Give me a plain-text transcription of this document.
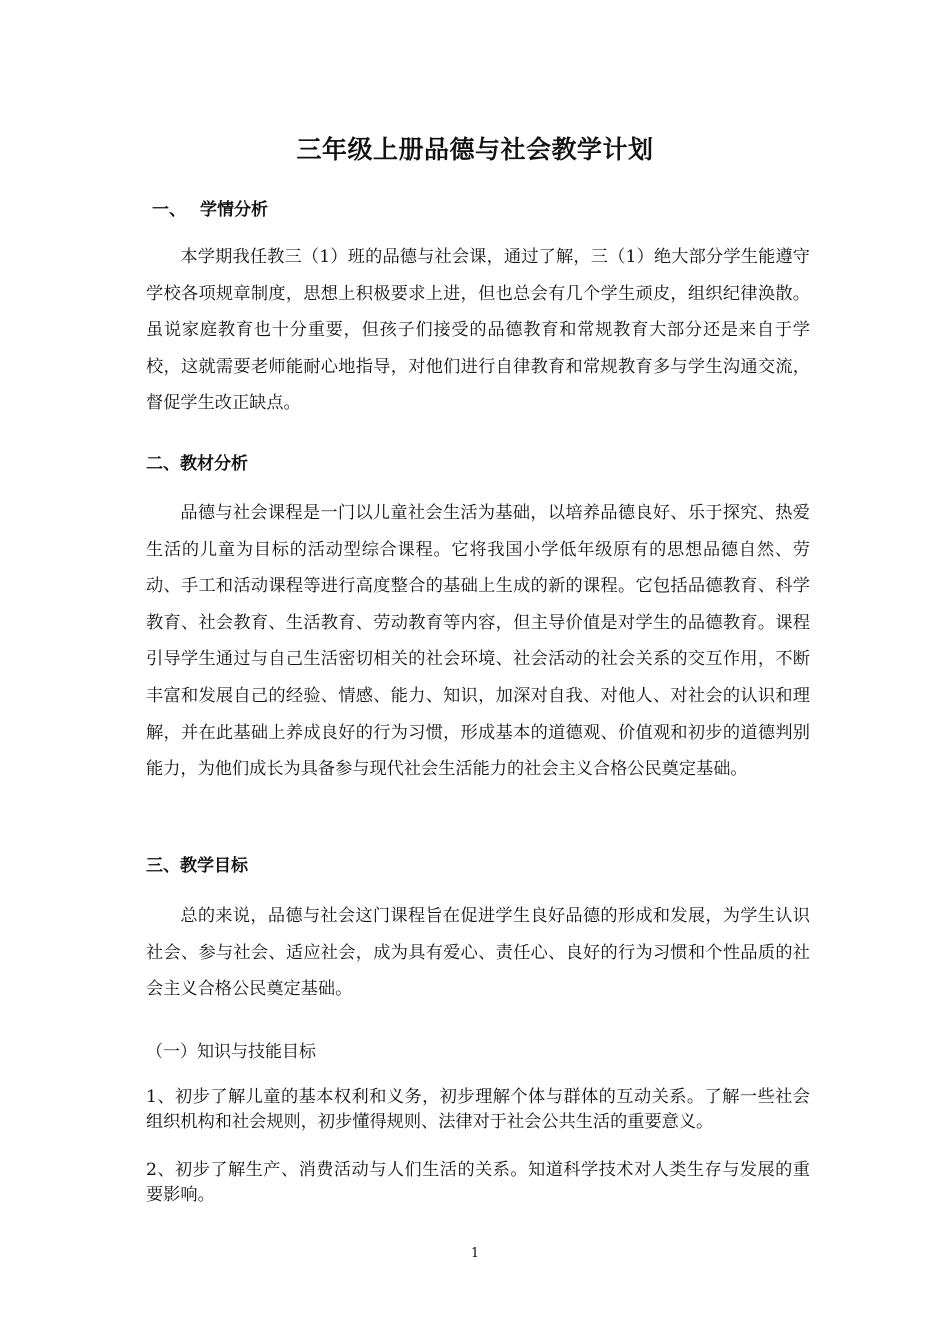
三年级上册品德与社会教学计划
一、 学情分析
本学期我任教三（1）班的品德与社会课，通过了解，三（1）绝大部分学生能遵守学校各项规章制度，思想上积极要求上进，但也总会有几个学生顽皮，组织纪律涣散。虽说家庭教育也十分重要，但孩子们接受的品德教育和常规教育大部分还是来自于学校，这就需要老师能耐心地指导，对他们进行自律教育和常规教育多与学生沟通交流，督促学生改正缺点。
二、教材分析
品德与社会课程是一门以儿童社会生活为基础，以培养品德良好、乐于探究、热爱生活的儿童为目标的活动型综合课程。它将我国小学低年级原有的思想品德自然、劳动、手工和活动课程等进行高度整合的基础上生成的新的课程。它包括品德教育、科学教育、社会教育、生活教育、劳动教育等内容，但主导价值是对学生的品德教育。课程引导学生通过与自己生活密切相关的社会环境、社会活动的社会关系的交互作用，不断丰富和发展自己的经验、情感、能力、知识，加深对自我、对他人、对社会的认识和理解，并在此基础上养成良好的行为习惯，形成基本的道德观、价值观和初步的道德判别能力，为他们成长为具备参与现代社会生活能力的社会主义合格公民奠定基础。
三、教学目标
总的来说，品德与社会这门课程旨在促进学生良好品德的形成和发展，为学生认识社会、参与社会、适应社会，成为具有爱心、责任心、良好的行为习惯和个性品质的社会主义合格公民奠定基础。
（一）知识与技能目标
1、初步了解儿童的基本权利和义务，初步理解个体与群体的互动关系。了解一些社会组织机构和社会规则，初步懂得规则、法律对于社会公共生活的重要意义。
2、初步了解生产、消费活动与人们生活的关系。知道科学技术对人类生存与发展的重要影响。
1
